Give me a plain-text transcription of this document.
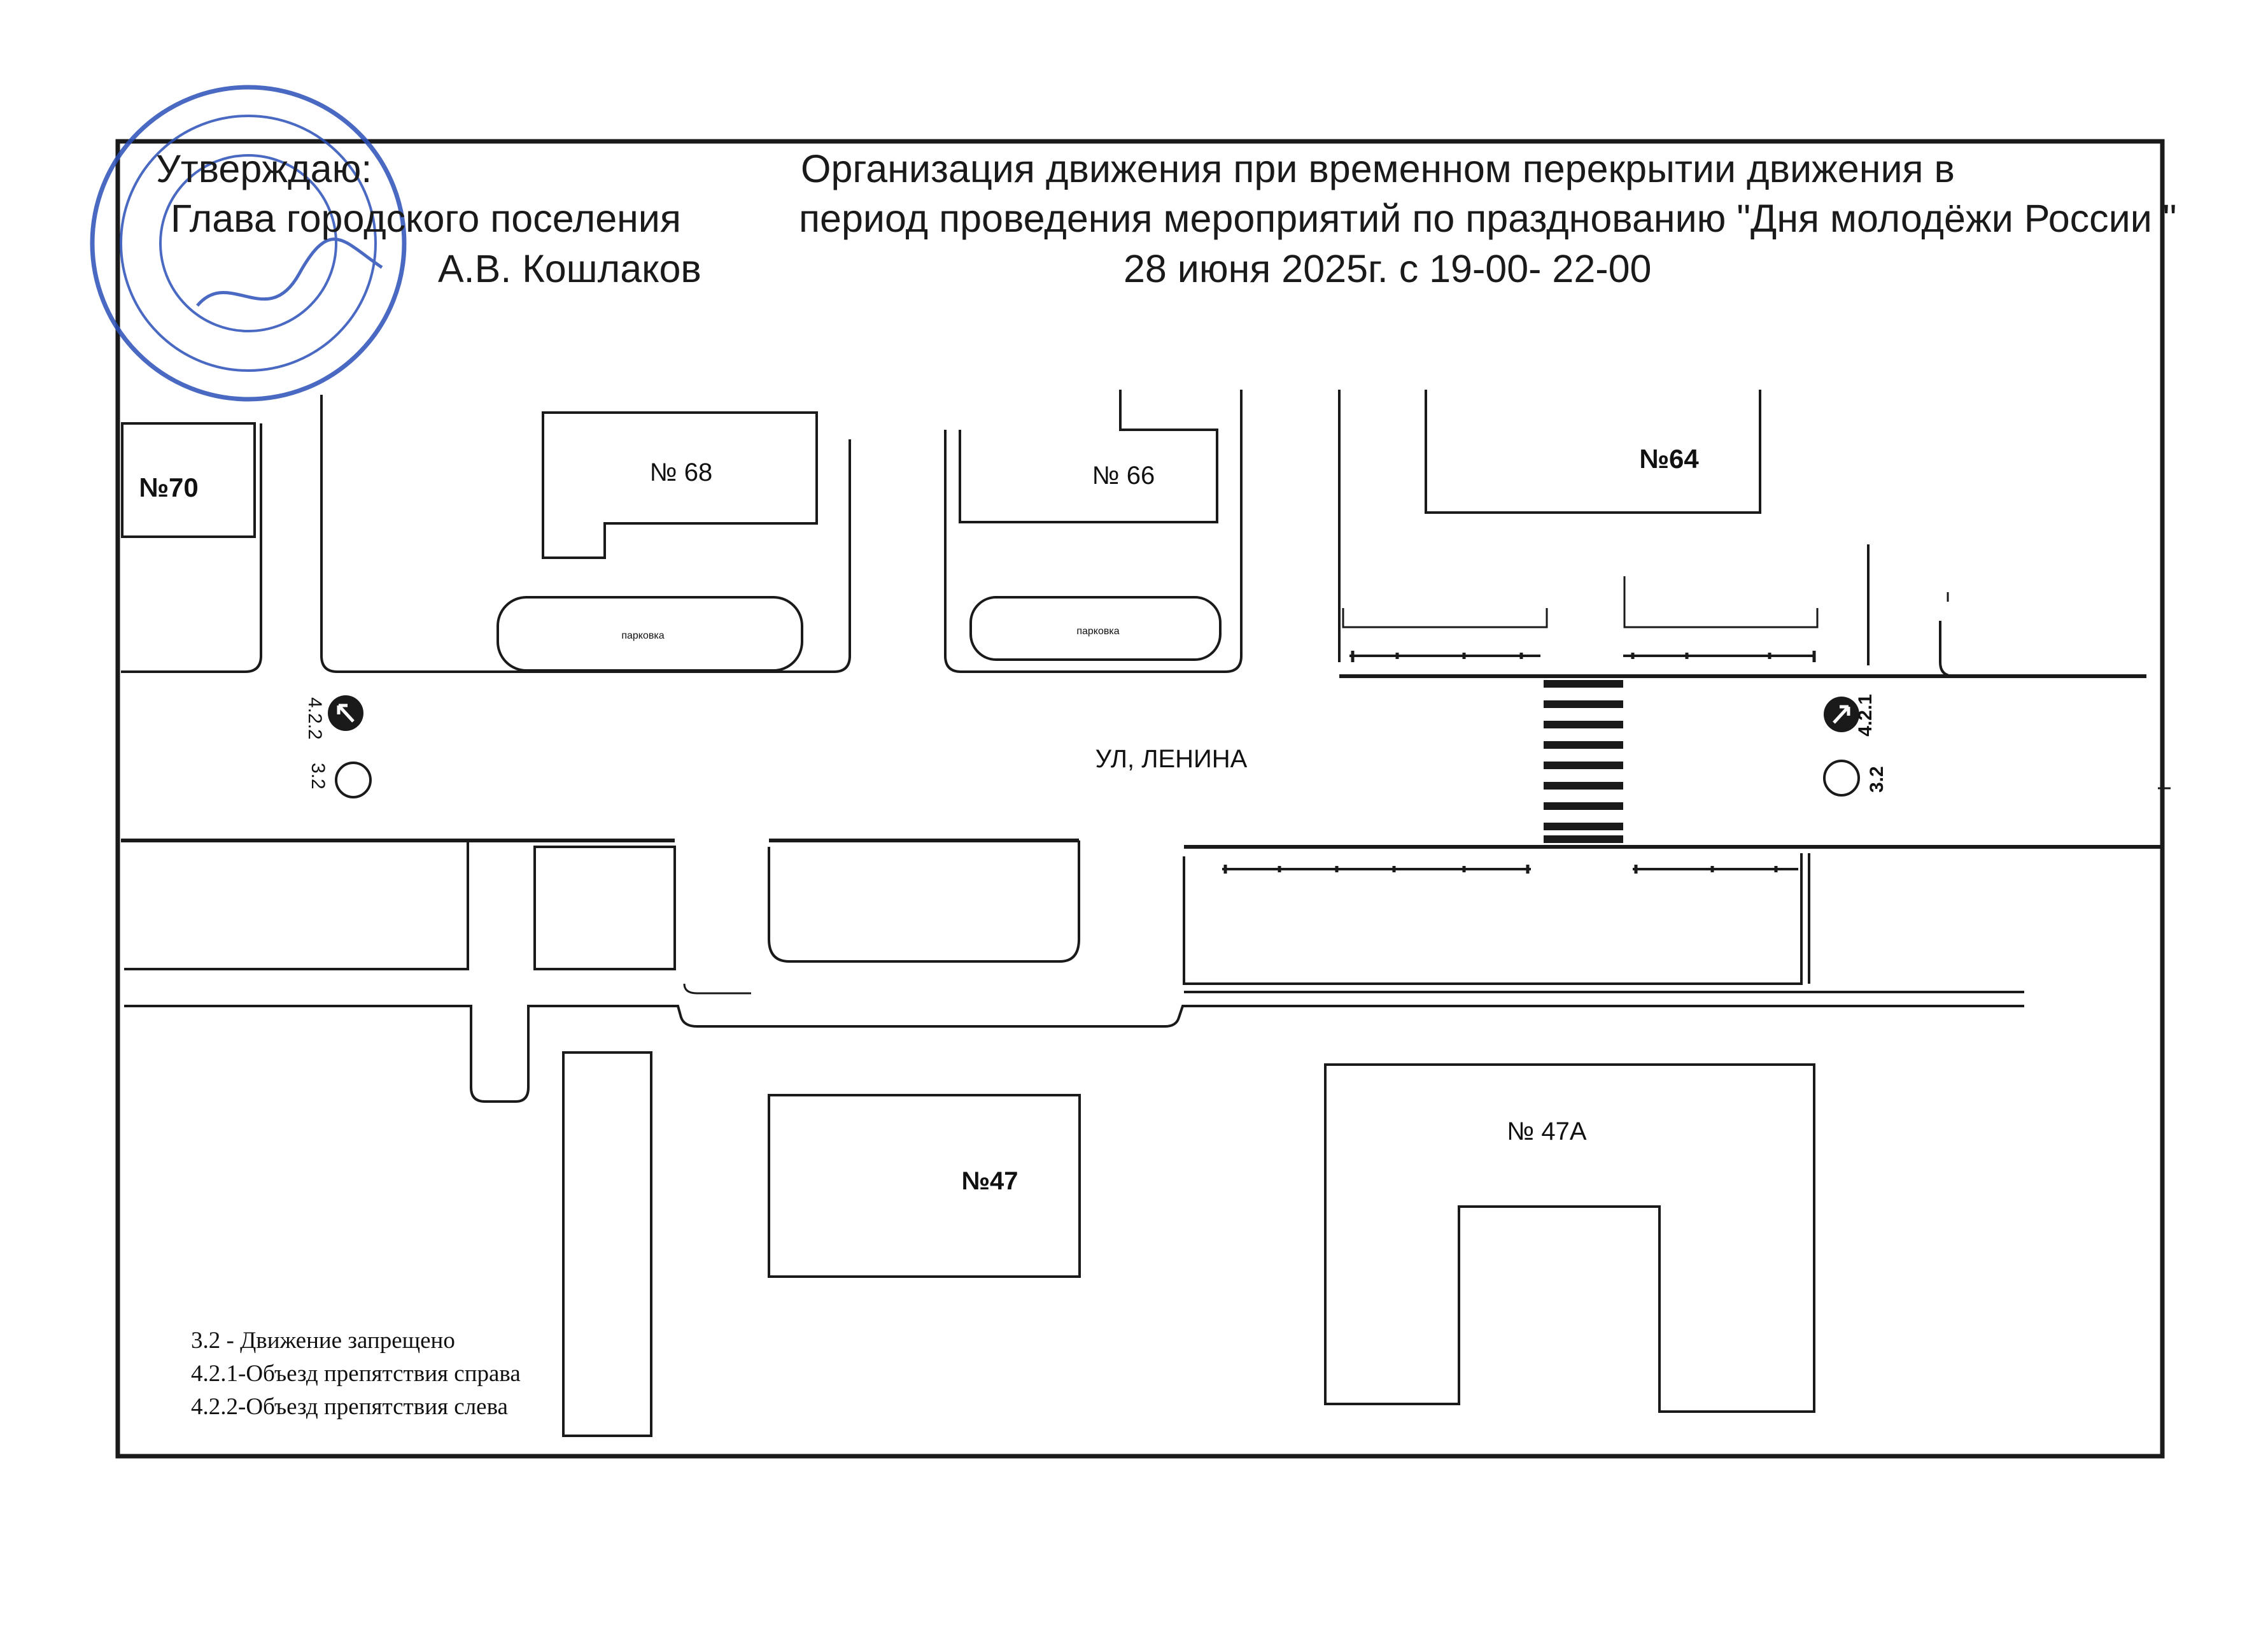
№70	№ 68	№ 66
№64
№47
№ 47А
УЛ, ЛЕНИНА
парковка	парковка
4.2.2
3.2
4.2.1
3.2
Утверждаю:
Глава городского поселения
А.В. Кошлаков
Организация движения при временном перекрытии движения в
период проведения мероприятий по празднованию "Дня молодёжи России "
28 июня 2025г. с 19-00- 22-00
3.2 - Движение запрещено
4.2.1-Объезд препятствия справа
4.2.2-Объезд препятствия слева
